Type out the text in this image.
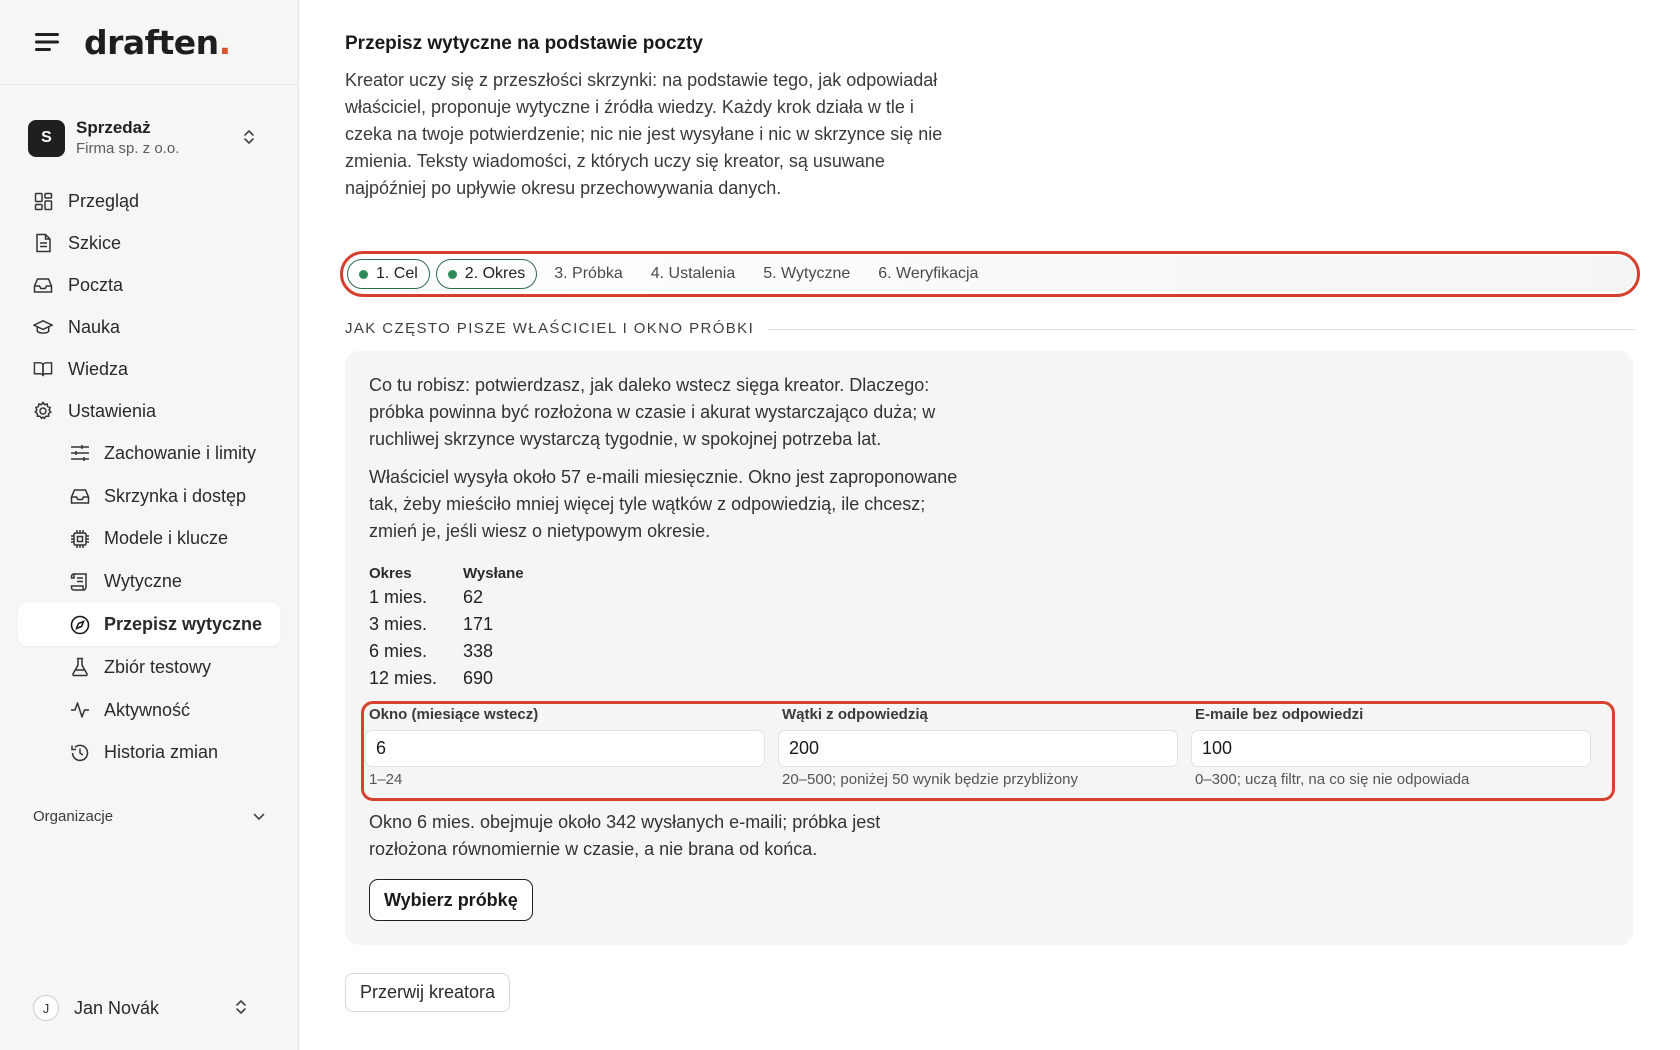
draften.
S
Sprzedaż
Firma sp. z o.o.
Przegląd
Szkice
Poczta
Nauka
Wiedza
Ustawienia
Zachowanie i limity
Skrzynka i dostęp
Modele i klucze
Wytyczne
Przepisz wytyczne
Zbiór testowy
Aktywność
Historia zmian
Organizacje
J	Jan Novák
Przepisz wytyczne na podstawie poczty

Kreator uczy się z przeszłości skrzynki: na podstawie tego, jak odpowiadał właściciel, proponuje wytyczne i źródła wiedzy. Każdy krok działa w tle i czeka na twoje potwierdzenie; nic nie jest wysyłane i nic w skrzynce się nie zmienia. Teksty wiadomości, z których uczy się kreator, są usuwane najpóźniej po upływie okresu przechowywania danych.

1. Cel	2. Okres 3. Próbka 4. Ustalenia 5. Wytyczne 6. Weryfikacja
JAK CZĘSTO PISZE WŁAŚCICIEL I OKNO PRÓBKI

Co tu robisz: potwierdzasz, jak daleko wstecz sięga kreator. Dlaczego: próbka powinna być rozłożona w czasie i akurat wystarczająco duża; w ruchliwej skrzynce wystarczą tygodnie, w spokojnej potrzeba lat.

Właściciel wysyła około 57 e-maili miesięcznie. Okno jest zaproponowane tak, żeby mieściło mniej więcej tyle wątków z odpowiedzią, ile chcesz; zmień je, jeśli wiesz o nietypowym okresie.

Okres	Wysłane
1 mies.	62
3 mies.	171
6 mies.	338
12 mies.	690
Okno (miesiące wstecz)
6
1–24
Wątki z odpowiedzią
200
20–500; poniżej 50 wynik będzie przybliżony
E-maile bez odpowiedzi
100
0–300; uczą filtr, na co się nie odpowiada

Okno 6 mies. obejmuje około 342 wysłanych e-maili; próbka jest rozłożona równomiernie w czasie, a nie brana od końca.

Wybierz próbkę
Przerwij kreatora
